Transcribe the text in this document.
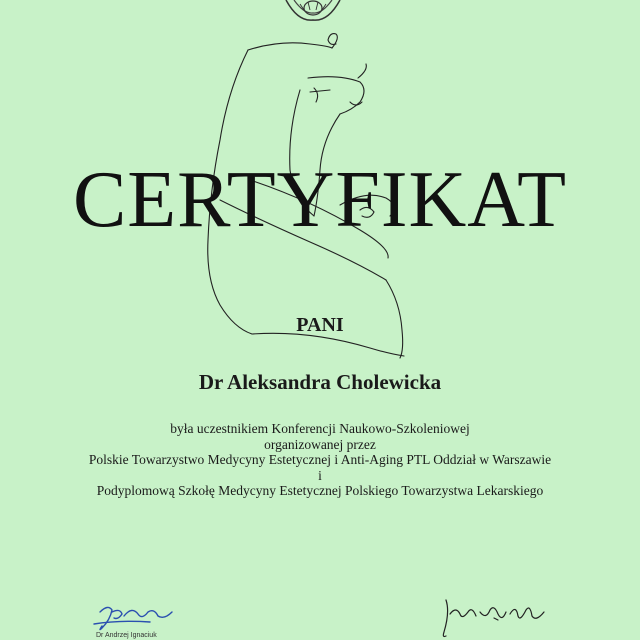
CERTYFIKAT
PANI
Dr Aleksandra Cholewicka
była uczestnikiem Konferencji Naukowo-Szkoleniowej
organizowanej przez
Polskie Towarzystwo Medycyny Estetycznej i Anti-Aging PTL Oddział w Warszawie
i
Podyplomową Szkołę Medycyny Estetycznej Polskiego Towarzystwa Lekarskiego
Dr Andrzej Ignaciuk
